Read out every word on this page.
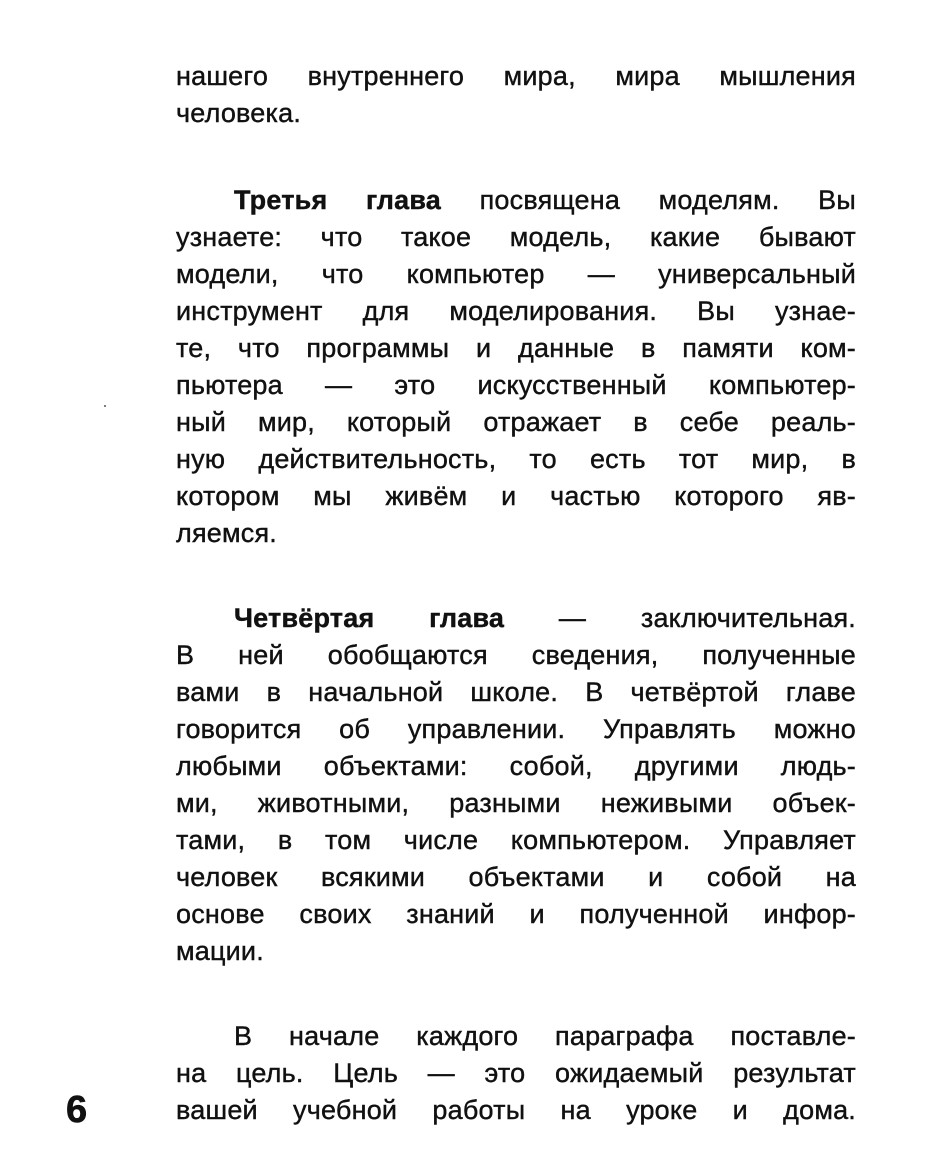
нашего внутреннего мира, мира мышления
человека.
Третья глава посвящена моделям. Вы
узнаете: что такое модель, какие бывают
модели, что компьютер — универсальный
инструмент для моделирования. Вы узнае-
те, что программы и данные в памяти ком-
пьютера — это искусственный компьютер-
ный мир, который отражает в себе реаль-
ную действительность, то есть тот мир, в
котором мы живём и частью которого яв-
ляемся.
Четвёртая глава — заключительная.
В ней обобщаются сведения, полученные
вами в начальной школе. В четвёртой главе
говорится об управлении. Управлять можно
любыми объектами: собой, другими людь-
ми, животными, разными неживыми объек-
тами, в том числе компьютером. Управляет
человек всякими объектами и собой на
основе своих знаний и полученной инфор-
мации.
В начале каждого параграфа поставле-
на цель. Цель — это ожидаемый результат
вашей учебной работы на уроке и дома.
6
